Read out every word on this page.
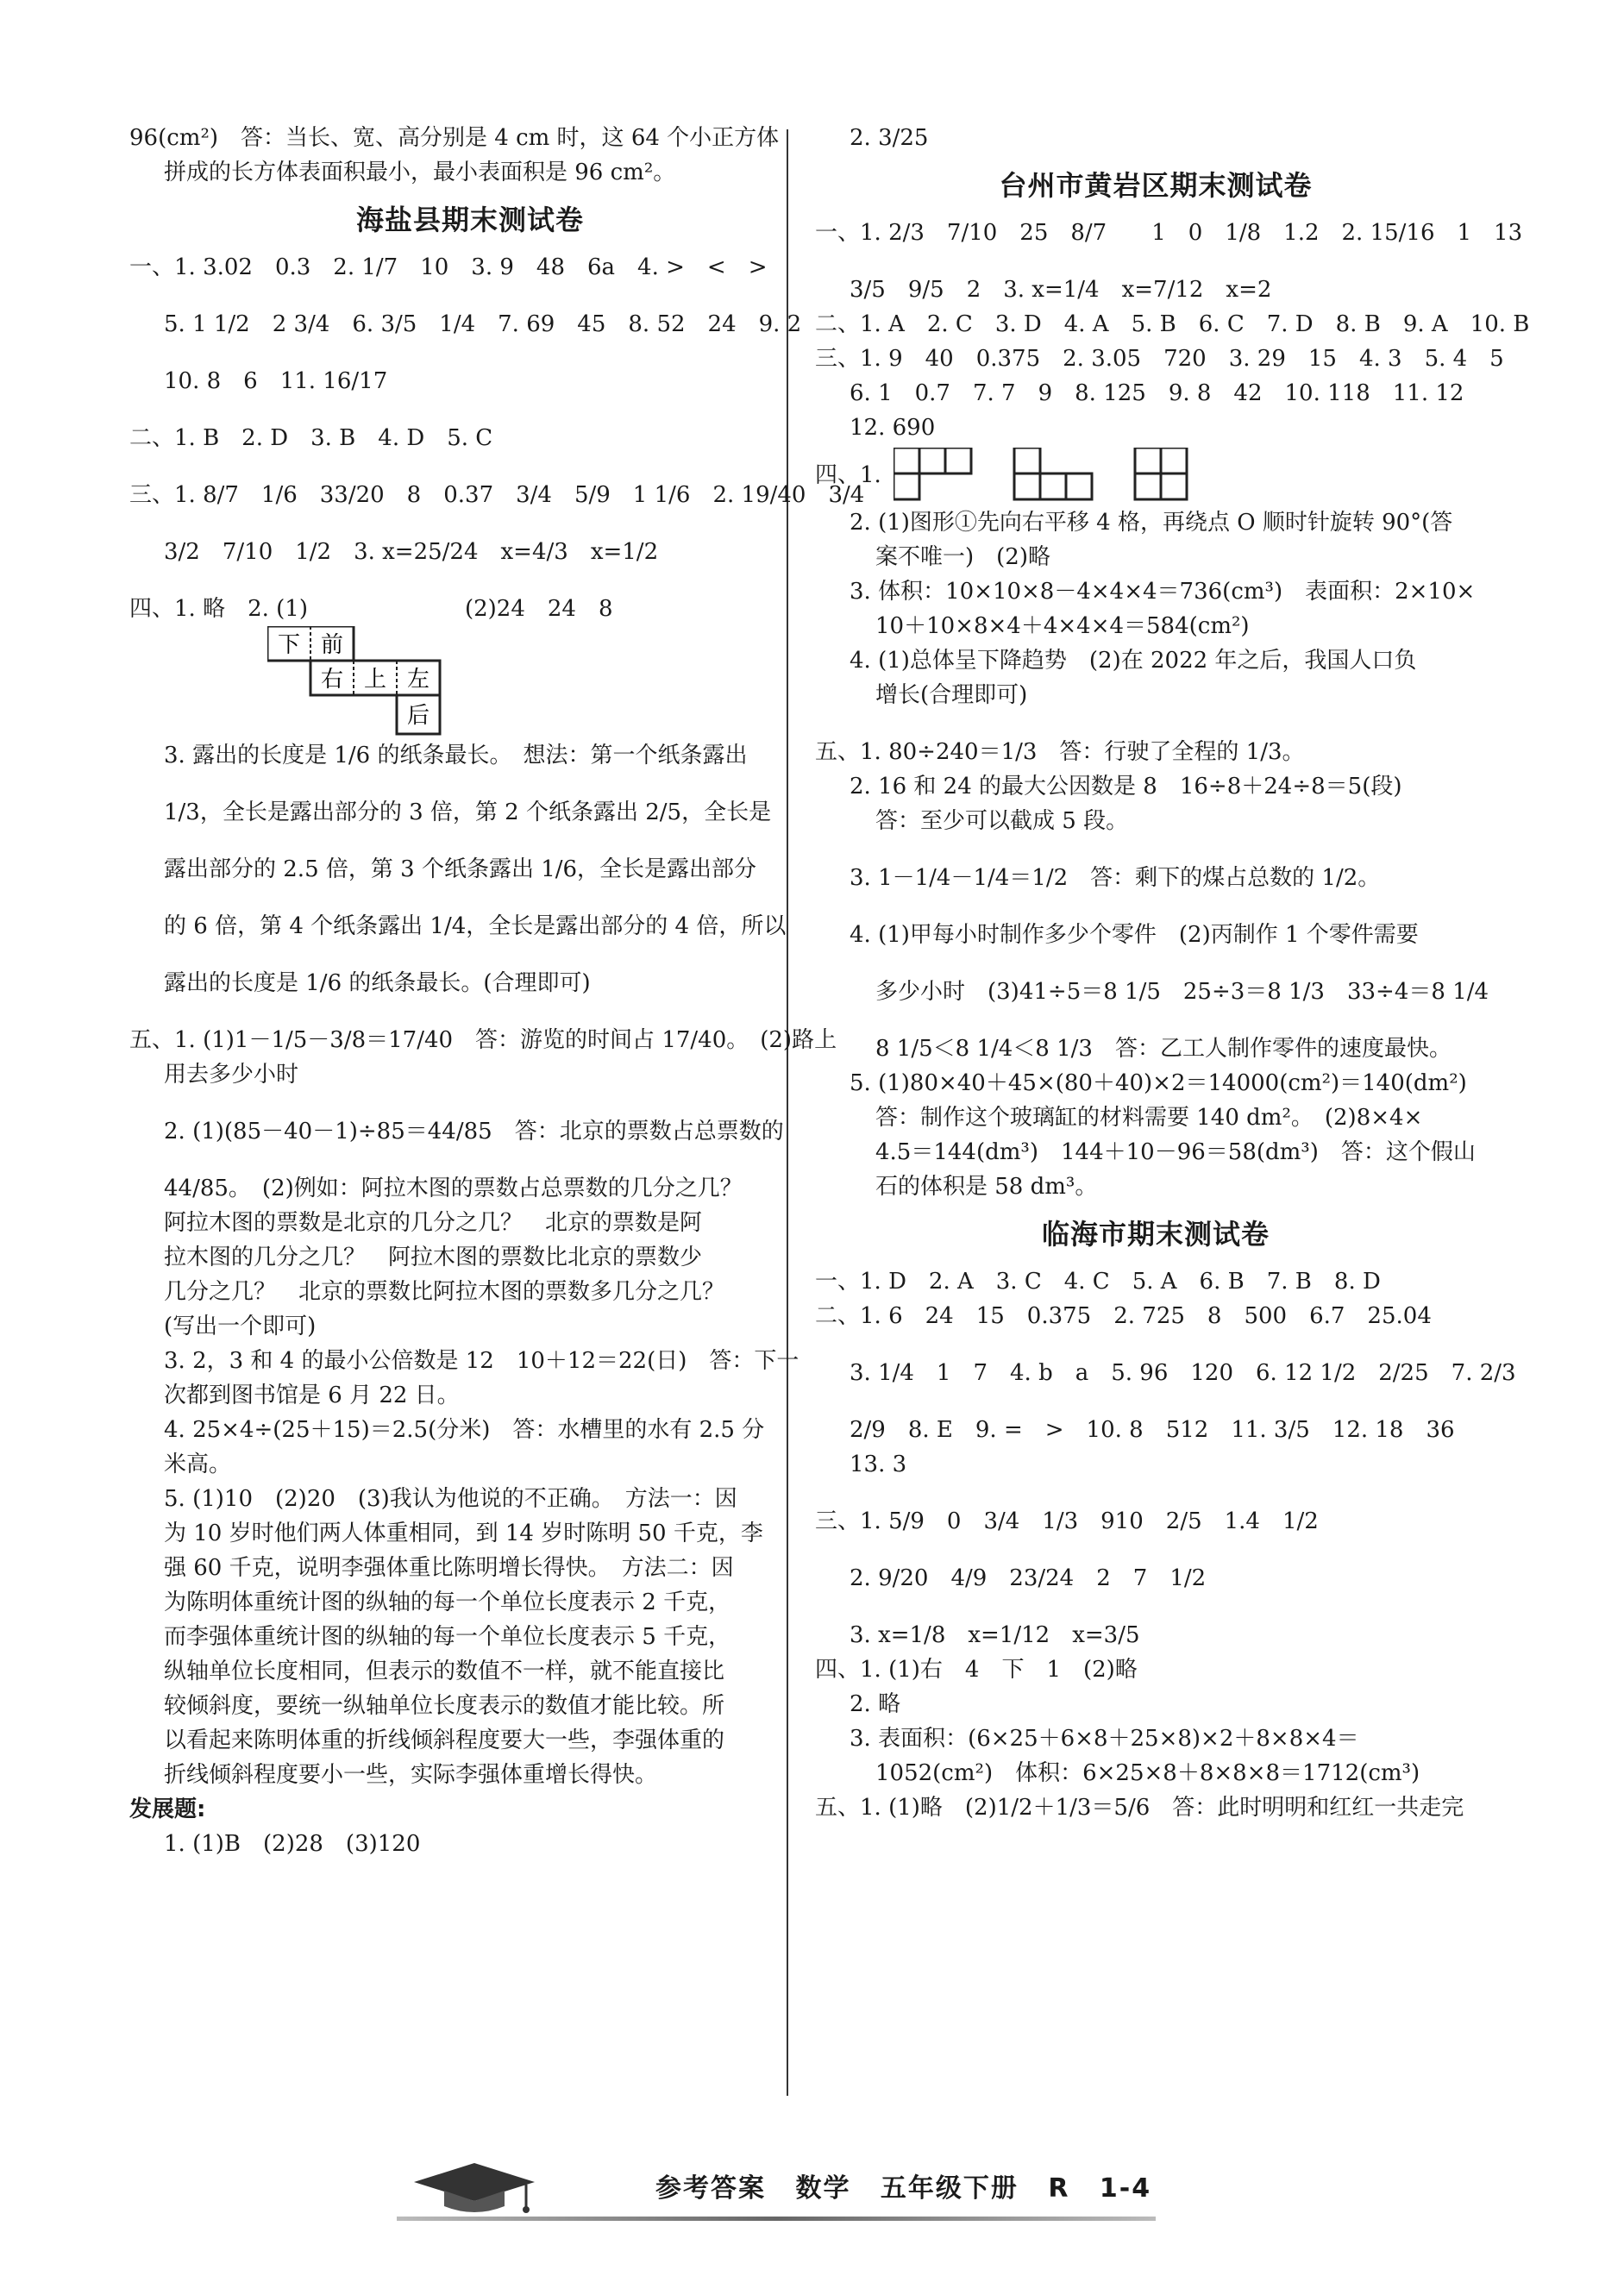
96(cm²)　答：当长、宽、高分别是 4 cm 时，这 64 个小正方体

拼成的长方体表面积最小，最小表面积是 96 cm²。

海盐县期末测试卷

一、1. 3.02　0.3　2. 1/7　10　3. 9　48　6a　4. >　<　>

5. 1 1/2　2 3/4　6. 3/5　1/4　7. 69　45　8. 52　24　9. 2

10. 8　6　11. 16/17

二、1. B　2. D　3. B　4. D　5. C

三、1. 8/7　1/6　33/20　8　0.37　3/4　5/9　1 1/6　2. 19/40　3/4

3/2　7/10　1/2　3. x=25/24　x=4/3　x=1/2

四、1. 略　2. (1)　　　　　　　(2)24　24　8

下 前
右 上 左
后

3. 露出的长度是 1/6 的纸条最长。　想法：第一个纸条露出

1/3，全长是露出部分的 3 倍，第 2 个纸条露出 2/5，全长是

露出部分的 2.5 倍，第 3 个纸条露出 1/6，全长是露出部分

的 6 倍，第 4 个纸条露出 1/4，全长是露出部分的 4 倍，所以

露出的长度是 1/6 的纸条最长。(合理即可)

五、1. (1)1－1/5－3/8＝17/40　答：游览的时间占 17/40。　(2)路上

用去多少小时

2. (1)(85－40－1)÷85＝44/85　答：北京的票数占总票数的

44/85。　(2)例如：阿拉木图的票数占总票数的几分之几？

阿拉木图的票数是北京的几分之几？　北京的票数是阿

拉木图的几分之几？　阿拉木图的票数比北京的票数少

几分之几？　北京的票数比阿拉木图的票数多几分之几？

(写出一个即可)

3. 2，3 和 4 的最小公倍数是 12　10＋12＝22(日)　答：下一

次都到图书馆是 6 月 22 日。

4. 25×4÷(25＋15)＝2.5(分米)　答：水槽里的水有 2.5 分

米高。

5. (1)10　(2)20　(3)我认为他说的不正确。　方法一：因

为 10 岁时他们两人体重相同，到 14 岁时陈明 50 千克，李

强 60 千克，说明李强体重比陈明增长得快。　方法二：因

为陈明体重统计图的纵轴的每一个单位长度表示 2 千克，

而李强体重统计图的纵轴的每一个单位长度表示 5 千克，

纵轴单位长度相同，但表示的数值不一样，就不能直接比

较倾斜度，要统一纵轴单位长度表示的数值才能比较。所

以看起来陈明体重的折线倾斜程度要大一些，李强体重的

折线倾斜程度要小一些，实际李强体重增长得快。

发展题:

1. (1)B　(2)28　(3)120

2. 3/25

台州市黄岩区期末测试卷

一、1. 2/3　7/10　25　8/7　　1　0　1/8　1.2　2. 15/16　1　13

3/5　9/5　2　3. x=1/4　x=7/12　x=2

二、1. A　2. C　3. D　4. A　5. B　6. C　7. D　8. B　9. A　10. B

三、1. 9　40　0.375　2. 3.05　720　3. 29　15　4. 3　5. 4　5

6. 1　0.7　7. 7　9　8. 125　9. 8　42　10. 118　11. 12

12. 690

四、1.

2. (1)图形①先向右平移 4 格，再绕点 O 顺时针旋转 90°(答

案不唯一)　(2)略

3. 体积：10×10×8－4×4×4＝736(cm³)　表面积：2×10×

10＋10×8×4＋4×4×4＝584(cm²)

4. (1)总体呈下降趋势　(2)在 2022 年之后，我国人口负

增长(合理即可)

五、1. 80÷240＝1/3　答：行驶了全程的 1/3。

2. 16 和 24 的最大公因数是 8　16÷8＋24÷8＝5(段)

答：至少可以截成 5 段。

3. 1－1/4－1/4＝1/2　答：剩下的煤占总数的 1/2。

4. (1)甲每小时制作多少个零件　(2)丙制作 1 个零件需要

多少小时　(3)41÷5＝8 1/5　25÷3＝8 1/3　33÷4＝8 1/4

8 1/5＜8 1/4＜8 1/3　答：乙工人制作零件的速度最快。

5. (1)80×40＋45×(80＋40)×2＝14000(cm²)＝140(dm²)

答：制作这个玻璃缸的材料需要 140 dm²。　(2)8×4×

4.5＝144(dm³)　144＋10－96＝58(dm³)　答：这个假山

石的体积是 58 dm³。

临海市期末测试卷

一、1. D　2. A　3. C　4. C　5. A　6. B　7. B　8. D

二、1. 6　24　15　0.375　2. 725　8　500　6.7　25.04

3. 1/4　1　7　4. b　a　5. 96　120　6. 12 1/2　2/25　7. 2/3

2/9　8. E　9. =　>　10. 8　512　11. 3/5　12. 18　36

13. 3

三、1. 5/9　0　3/4　1/3　910　2/5　1.4　1/2

2. 9/20　4/9　23/24　2　7　1/2

3. x=1/8　x=1/12　x=3/5

四、1. (1)右　4　下　1　(2)略

2. 略

3. 表面积：(6×25＋6×8＋25×8)×2＋8×8×4＝

1052(cm²)　体积：6×25×8＋8×8×8＝1712(cm³)

五、1. (1)略　(2)1/2＋1/3＝5/6　答：此时明明和红红一共走完

参考答案 数学 五年级下册 R 1-4
